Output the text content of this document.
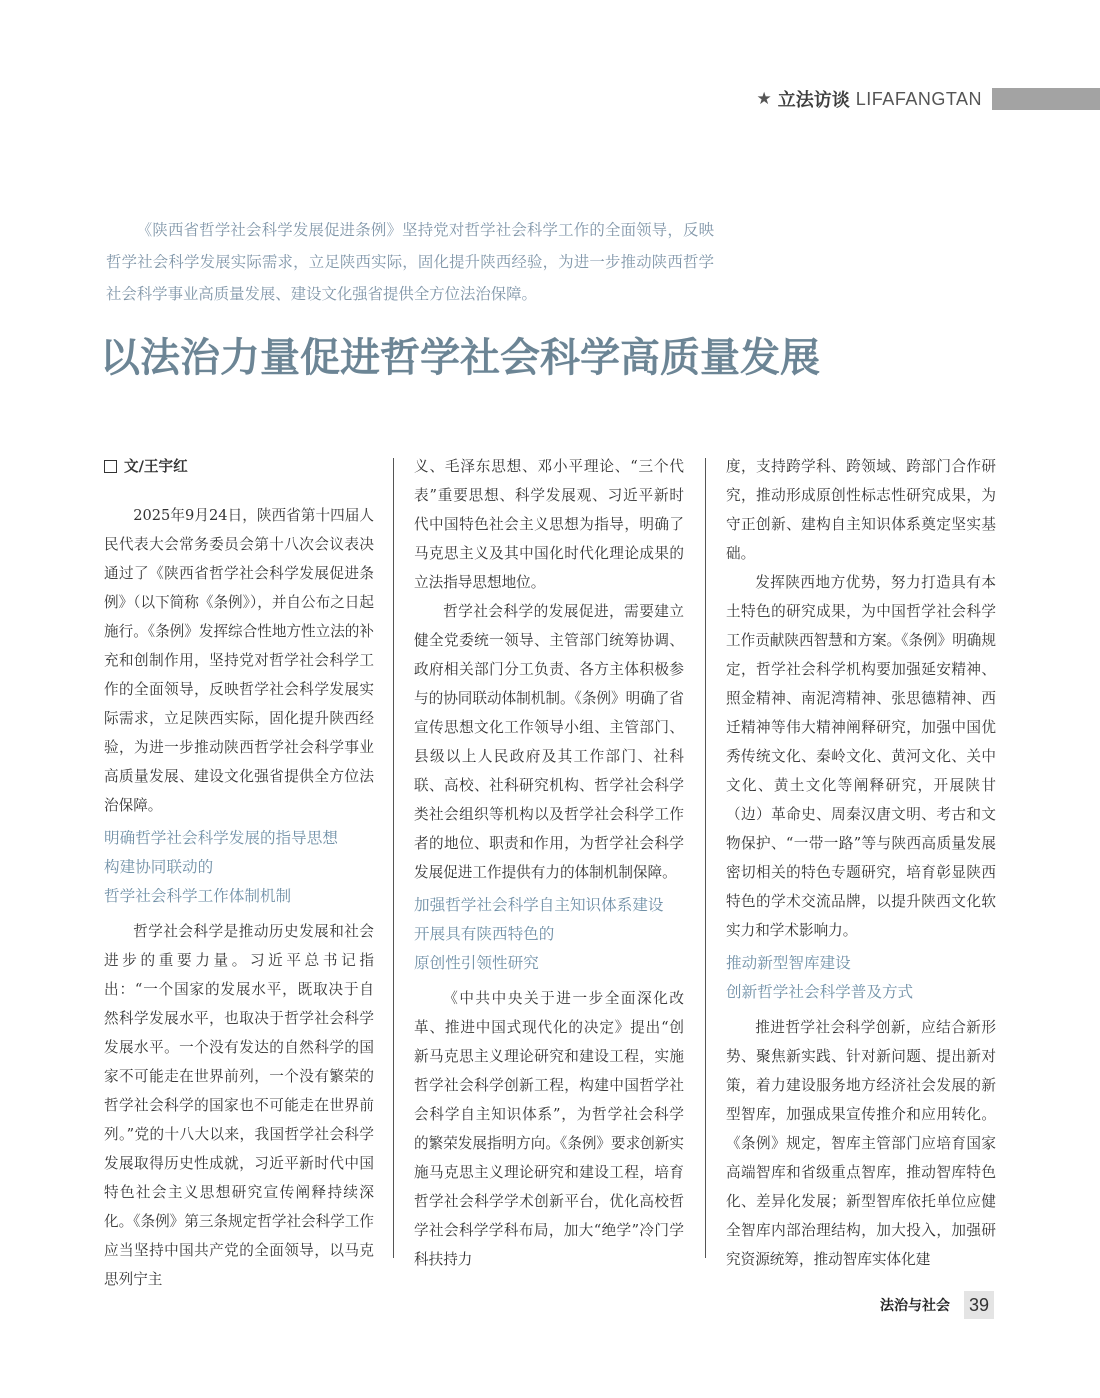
★ 立法访谈 LIFAFANGTAN

《陕西省哲学社会科学发展促进条例》坚持党对哲学社会科学工作的全面领导，反映哲学社会科学发展实际需求，立足陕西实际，固化提升陕西经验，为进一步推动陕西哲学社会科学事业高质量发展、建设文化强省提供全方位法治保障。

以法治力量促进哲学社会科学高质量发展
文/王宇红

2025年9月24日，陕西省第十四届人民代表大会常务委员会第十八次会议表决通过了《陕西省哲学社会科学发展促进条例》（以下简称《条例》），并自公布之日起施行。《条例》发挥综合性地方性立法的补充和创制作用，坚持党对哲学社会科学工作的全面领导，反映哲学社会科学发展实际需求，立足陕西实际，固化提升陕西经验，为进一步推动陕西哲学社会科学事业高质量发展、建设文化强省提供全方位法治保障。

明确哲学社会科学发展的指导思想
构建协同联动的
哲学社会科学工作体制机制

哲学社会科学是推动历史发展和社会进步的重要力量。习近平总书记指出：“一个国家的发展水平，既取决于自然科学发展水平，也取决于哲学社会科学发展水平。一个没有发达的自然科学的国家不可能走在世界前列，一个没有繁荣的哲学社会科学的国家也不可能走在世界前列。”党的十八大以来，我国哲学社会科学发展取得历史性成就，习近平新时代中国特色社会主义思想研究宣传阐释持续深化。《条例》第三条规定哲学社会科学工作应当坚持中国共产党的全面领导，以马克思列宁主

义、毛泽东思想、邓小平理论、“三个代表”重要思想、科学发展观、习近平新时代中国特色社会主义思想为指导，明确了马克思主义及其中国化时代化理论成果的立法指导思想地位。

哲学社会科学的发展促进，需要建立健全党委统一领导、主管部门统筹协调、政府相关部门分工负责、各方主体积极参与的协同联动体制机制。《条例》明确了省宣传思想文化工作领导小组、主管部门、县级以上人民政府及其工作部门、社科联、高校、社科研究机构、哲学社会科学类社会组织等机构以及哲学社会科学工作者的地位、职责和作用，为哲学社会科学发展促进工作提供有力的体制机制保障。

加强哲学社会科学自主知识体系建设
开展具有陕西特色的
原创性引领性研究

《中共中央关于进一步全面深化改革、推进中国式现代化的决定》提出“创新马克思主义理论研究和建设工程，实施哲学社会科学创新工程，构建中国哲学社会科学自主知识体系”，为哲学社会科学的繁荣发展指明方向。《条例》要求创新实施马克思主义理论研究和建设工程，培育哲学社会科学学术创新平台，优化高校哲学社会科学学科布局，加大“绝学”冷门学科扶持力

度，支持跨学科、跨领域、跨部门合作研究，推动形成原创性标志性研究成果，为守正创新、建构自主知识体系奠定坚实基础。

发挥陕西地方优势，努力打造具有本土特色的研究成果，为中国哲学社会科学工作贡献陕西智慧和方案。《条例》明确规定，哲学社会科学机构要加强延安精神、照金精神、南泥湾精神、张思德精神、西迁精神等伟大精神阐释研究，加强中国优秀传统文化、秦岭文化、黄河文化、关中文化、黄土文化等阐释研究，开展陕甘（边）革命史、周秦汉唐文明、考古和文物保护、“一带一路”等与陕西高质量发展密切相关的特色专题研究，培育彰显陕西特色的学术交流品牌，以提升陕西文化软实力和学术影响力。

推动新型智库建设
创新哲学社会科学普及方式

推进哲学社会科学创新，应结合新形势、聚焦新实践、针对新问题、提出新对策，着力建设服务地方经济社会发展的新型智库，加强成果宣传推介和应用转化。《条例》规定，智库主管部门应培育国家高端智库和省级重点智库，推动智库特色化、差异化发展；新型智库依托单位应健全智库内部治理结构，加大投入，加强研究资源统筹，推动智库实体化建

法治与社会 39
